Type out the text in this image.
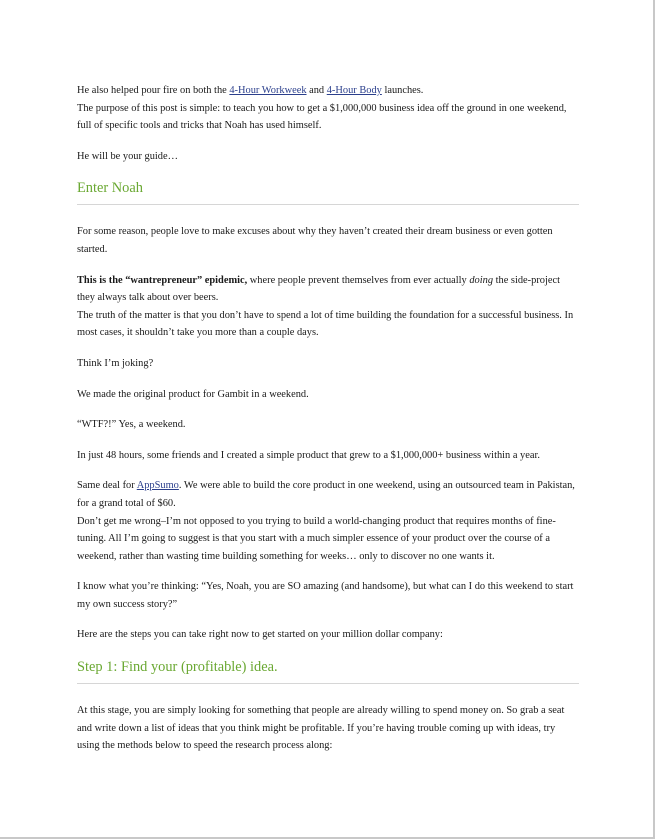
He also helped pour fire on both the 4-Hour Workweek and 4-Hour Body launches.

The purpose of this post is simple: to teach you how to get a $1,000,000 business idea off the ground in one weekend, full of specific tools and tricks that Noah has used himself.

He will be your guide…

Enter Noah

For some reason, people love to make excuses about why they haven’t created their dream business or even gotten started.

This is the “wantrepreneur” epidemic, where people prevent themselves from ever actually doing the side-project they always talk about over beers.

The truth of the matter is that you don’t have to spend a lot of time building the foundation for a successful business. In most cases, it shouldn’t take you more than a couple days.

Think I’m joking?

We made the original product for Gambit in a weekend.

“WTF?!” Yes, a weekend.

In just 48 hours, some friends and I created a simple product that grew to a $1,000,000+ business within a year.

Same deal for AppSumo. We were able to build the core product in one weekend, using an outsourced team in Pakistan, for a grand total of $60.

Don’t get me wrong–I’m not opposed to you trying to build a world-changing product that requires months of fine-tuning. All I’m going to suggest is that you start with a much simpler essence of your product over the course of a weekend, rather than wasting time building something for weeks… only to discover no one wants it.

I know what you’re thinking: “Yes, Noah, you are SO amazing (and handsome), but what can I do this weekend to start my own success story?”

Here are the steps you can take right now to get started on your million dollar company:

Step 1: Find your (profitable) idea.

At this stage, you are simply looking for something that people are already willing to spend money on. So grab a seat and write down a list of ideas that you think might be profitable. If you’re having trouble coming up with ideas, try using the methods below to speed the research process along:
